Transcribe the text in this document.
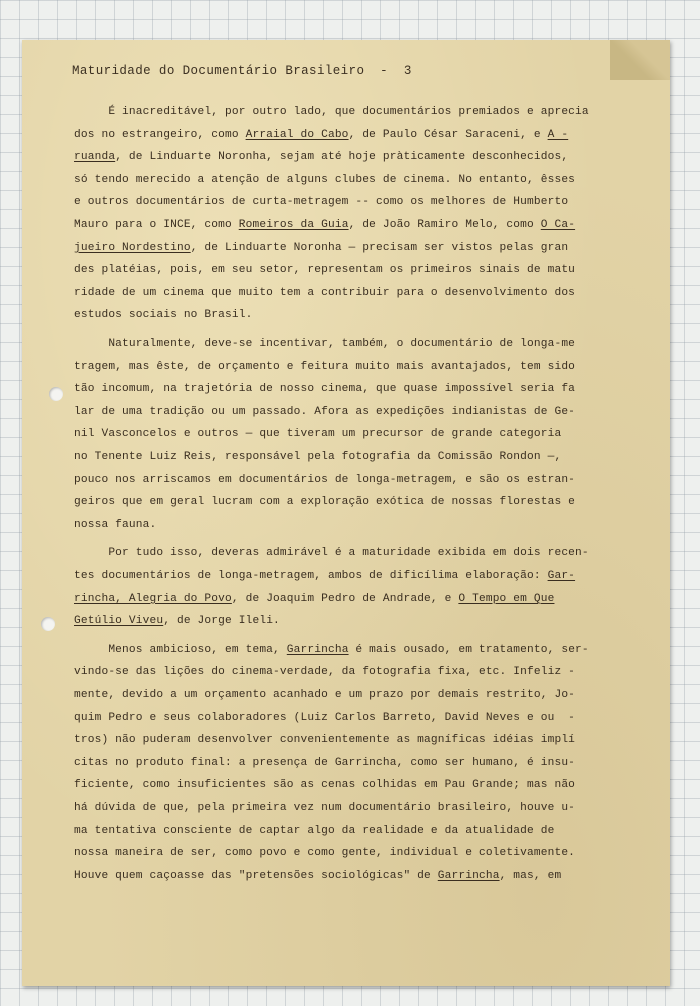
Maturidade do Documentário Brasileiro - 3
É inacreditável, por outro lado, que documentários premiados e aprecia
dos no estrangeiro, como Arraial do Cabo, de Paulo César Saraceni, e A -
ruanda, de Linduarte Noronha, sejam até hoje pràticamente desconhecidos,
só tendo merecido a atenção de alguns clubes de cinema. No entanto, êsses
e outros documentários de curta-metragem -- como os melhores de Humberto
Mauro para o INCE, como Romeiros da Guia, de João Ramiro Melo, como O Ca-
jueiro Nordestino, de Linduarte Noronha — precisam ser vistos pelas gran
des platéias, pois, em seu setor, representam os primeiros sinais de matu
ridade de um cinema que muito tem a contribuir para o desenvolvimento dos
estudos sociais no Brasil.
Naturalmente, deve-se incentivar, também, o documentário de longa-me
tragem, mas êste, de orçamento e feitura muito mais avantajados, tem sido
tão incomum, na trajetória de nosso cinema, que quase impossível seria fa
lar de uma tradição ou um passado. Afora as expedições indianistas de Ge-
nil Vasconcelos e outros — que tiveram um precursor de grande categoria
no Tenente Luiz Reis, responsável pela fotografia da Comissão Rondon —,
pouco nos arriscamos em documentários de longa-metragem, e são os estran-
geiros que em geral lucram com a exploração exótica de nossas florestas e
nossa fauna.
Por tudo isso, deveras admirável é a maturidade exibida em dois recen-
tes documentários de longa-metragem, ambos de dificílima elaboração: Gar-
rincha, Alegria do Povo, de Joaquim Pedro de Andrade, e O Tempo em Que
Getúlio Viveu, de Jorge Ileli.
Menos ambicioso, em tema, Garrincha é mais ousado, em tratamento, ser-
vindo-se das lições do cinema-verdade, da fotografia fixa, etc. Infeliz -
mente, devido a um orçamento acanhado e um prazo por demais restrito, Jo-
quim Pedro e seus colaboradores (Luiz Carlos Barreto, David Neves e ou  -
tros) não puderam desenvolver convenientemente as magníficas idéias implí
citas no produto final: a presença de Garrincha, como ser humano, é insu-
ficiente, como insuficientes são as cenas colhidas em Pau Grande; mas não
há dúvida de que, pela primeira vez num documentário brasileiro, houve u-
ma tentativa consciente de captar algo da realidade e da atualidade de
nossa maneira de ser, como povo e como gente, individual e coletivamente.
Houve quem caçoasse das "pretensões sociológicas" de Garrincha, mas, em
